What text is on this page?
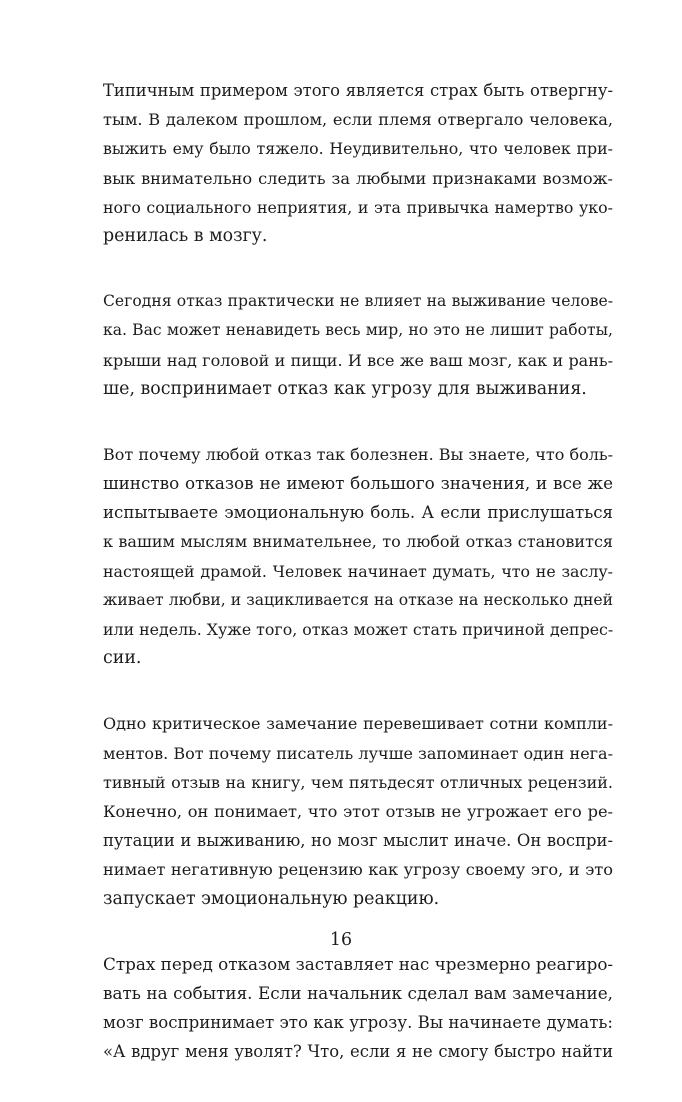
Типичным примером этого является страх быть отвергну-
тым. В далеком прошлом, если племя отвергало человека,
выжить ему было тяжело. Неудивительно, что человек при-
вык внимательно следить за любыми признаками возмож-
ного социального неприятия, и эта привычка намертво уко-
ренилась в мозгу.

Сегодня отказ практически не влияет на выживание челове-
ка. Вас может ненавидеть весь мир, но это не лишит работы,
крыши над головой и пищи. И все же ваш мозг, как и рань-
ше, воспринимает отказ как угрозу для выживания.

Вот почему любой отказ так болезнен. Вы знаете, что боль-
шинство отказов не имеют большого значения, и все же
испытываете эмоциональную боль. А если прислушаться
к вашим мыслям внимательнее, то любой отказ становится
настоящей драмой. Человек начинает думать, что не заслу-
живает любви, и зацикливается на отказе на несколько дней
или недель. Хуже того, отказ может стать причиной депрес-
сии.

Одно критическое замечание перевешивает сотни компли-
ментов. Вот почему писатель лучше запоминает один нега-
тивный отзыв на книгу, чем пятьдесят отличных рецензий.
Конечно, он понимает, что этот отзыв не угрожает его ре-
путации и выживанию, но мозг мыслит иначе. Он воспри-
нимает негативную рецензию как угрозу своему эго, и это
запускает эмоциональную реакцию.

Страх перед отказом заставляет нас чрезмерно реагиро-
вать на события. Если начальник сделал вам замечание,
мозг воспринимает это как угрозу. Вы начинаете думать:
«А вдруг меня уволят? Что, если я не смогу быстро найти

16
